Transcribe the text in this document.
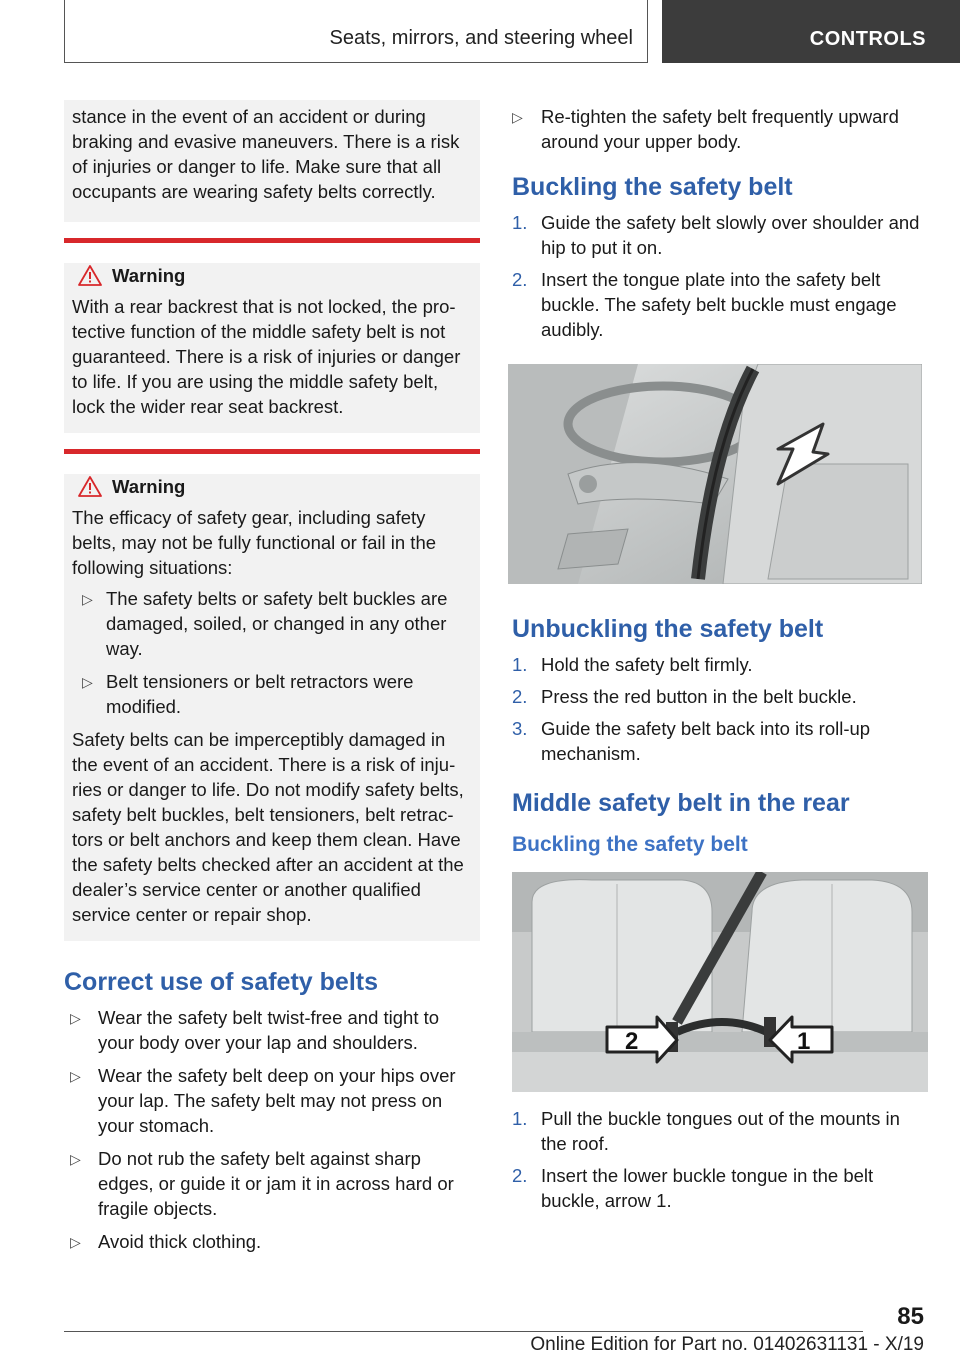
Seats, mirrors, and steering wheel	CONTROLS

stance in the event of an accident or during braking and evasive maneuvers. There is a risk of injuries or danger to life. Make sure that all occupants are wearing safety belts correctly.

Warning

With a rear backrest that is not locked, the pro-tective function of the middle safety belt is not guaranteed. There is a risk of injuries or danger to life. If you are using the middle safety belt, lock the wider rear seat backrest.

Warning

The efficacy of safety gear, including safety belts, may not be fully functional or fail in the following situations:

▷ The safety belts or safety belt buckles are damaged, soiled, or changed in any other way.
▷ Belt tensioners or belt retractors were modified.

Safety belts can be imperceptibly damaged in the event of an accident. There is a risk of inju-ries or danger to life. Do not modify safety belts, safety belt buckles, belt tensioners, belt retrac-tors or belt anchors and keep them clean. Have the safety belts checked after an accident at the dealer’s service center or another qualified service center or repair shop.

Correct use of safety belts
▷ Wear the safety belt twist-free and tight to your body over your lap and shoulders.
▷ Wear the safety belt deep on your hips over your lap. The safety belt may not press on your stomach.
▷ Do not rub the safety belt against sharp edges, or guide it or jam it in across hard or fragile objects.
▷ Avoid thick clothing.
▷ Re-tighten the safety belt frequently upward around your upper body.
Buckling the safety belt
1. Guide the safety belt slowly over shoulder and hip to put it on.
2. Insert the tongue plate into the safety belt buckle. The safety belt buckle must engage audibly.
Unbuckling the safety belt
1. Hold the safety belt firmly.
2. Press the red button in the belt buckle.
3. Guide the safety belt back into its roll-up mechanism.
Middle safety belt in the rear
Buckling the safety belt
2	1
1. Pull the buckle tongues out of the mounts in the roof.
2. Insert the lower buckle tongue in the belt buckle, arrow 1.
85
Online Edition for Part no. 01402631131 - X/19
